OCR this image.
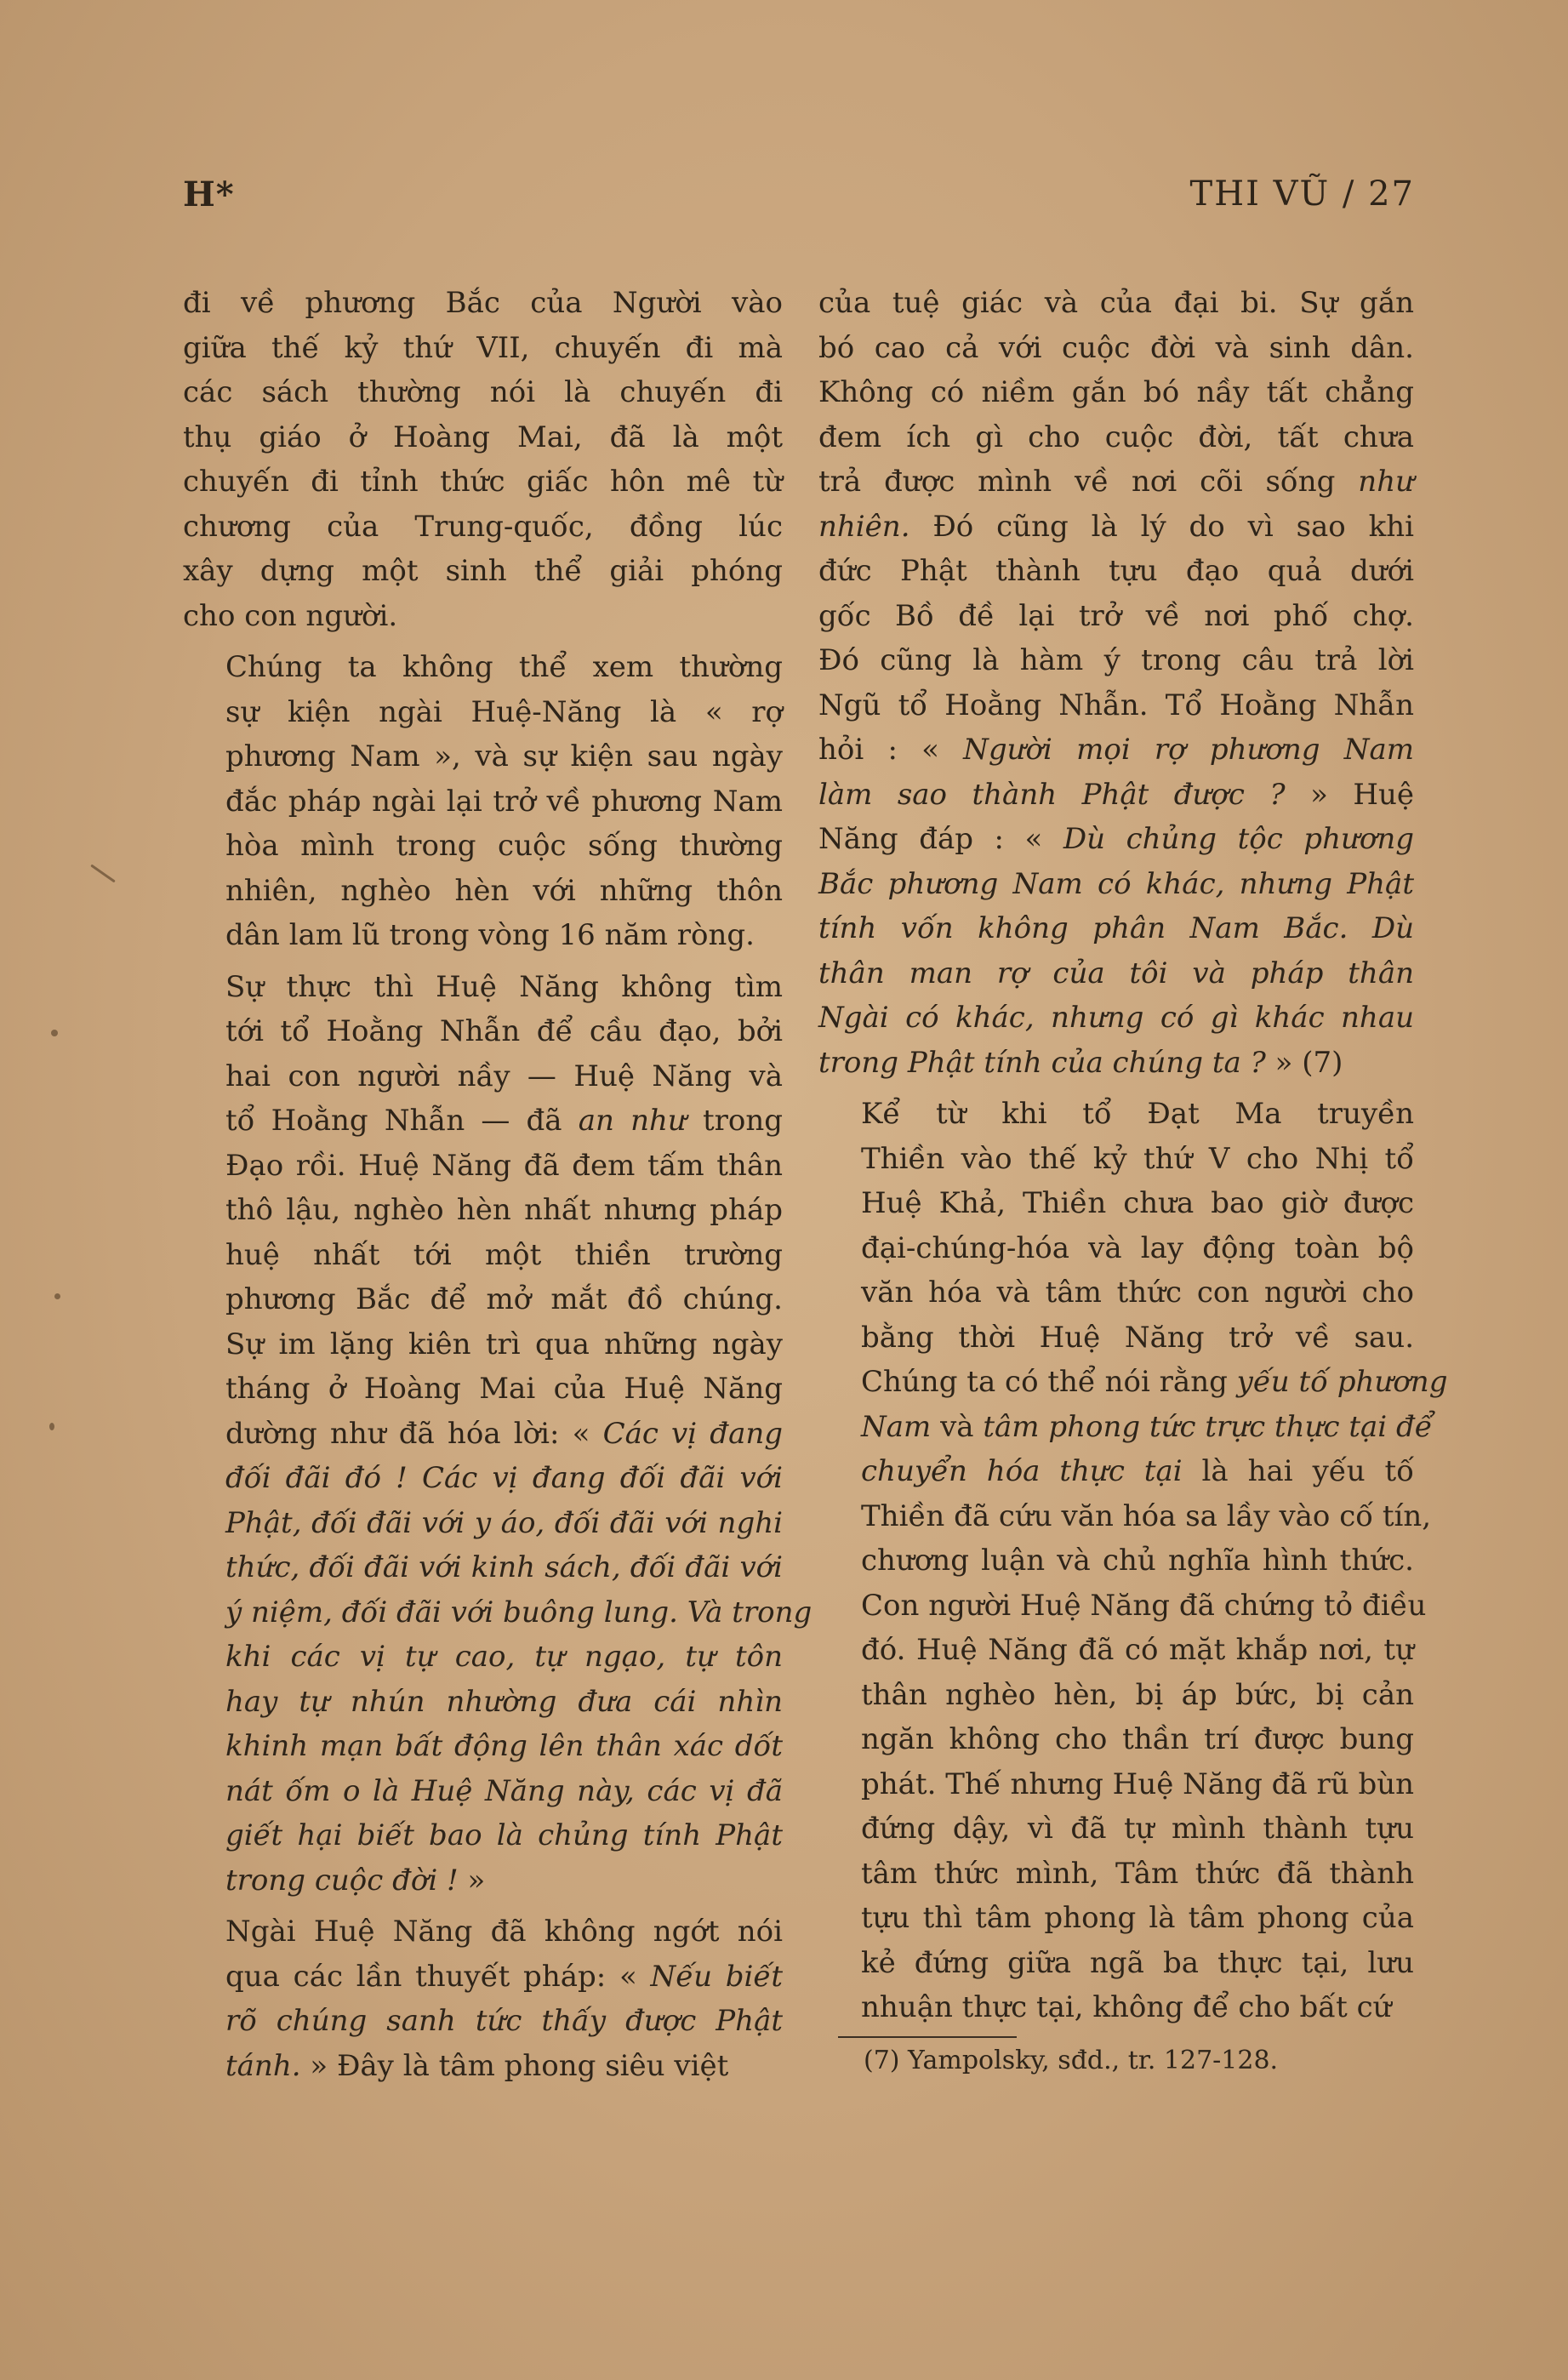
H*	THI VŨ / 27

đi về phương Bắc của Người vào
giữa thế kỷ thứ VII, chuyến đi mà
các sách thường nói là chuyến đi
thụ giáo ở Hoàng Mai, đã là một
chuyến đi tỉnh thức giấc hôn mê từ
chương của Trung-quốc, đồng lúc
xây dựng một sinh thể giải phóng
cho con người.

Chúng ta không thể xem thường
sự kiện ngài Huệ-Năng là « rợ
phương Nam », và sự kiện sau ngày
đắc pháp ngài lại trở về phương Nam
hòa mình trong cuộc sống thường
nhiên, nghèo hèn với những thôn
dân lam lũ trong vòng 16 năm ròng.

Sự thực thì Huệ Năng không tìm
tới tổ Hoằng Nhẫn để cầu đạo, bởi
hai con người nầy — Huệ Năng và
tổ Hoằng Nhẫn — đã an như trong
Đạo rồi. Huệ Năng đã đem tấm thân
thô lậu, nghèo hèn nhất nhưng pháp
huệ nhất tới một thiền trường
phương Bắc để mở mắt đồ chúng.
Sự im lặng kiên trì qua những ngày
tháng ở Hoàng Mai của Huệ Năng
dường như đã hóa lời: « Các vị đang
đối đãi đó ! Các vị đang đối đãi với
Phật, đối đãi với y áo, đối đãi với nghi
thức, đối đãi với kinh sách, đối đãi với
ý niệm, đối đãi với buông lung. Và trong
khi các vị tự cao, tự ngạo, tự tôn
hay tự nhún nhường đưa cái nhìn
khinh mạn bất động lên thân xác dốt
nát ốm o là Huệ Năng này, các vị đã
giết hại biết bao là chủng tính Phật
trong cuộc đời ! »

Ngài Huệ Năng đã không ngớt nói
qua các lần thuyết pháp: « Nếu biết
rõ chúng sanh tức thấy được Phật
tánh. » Đây là tâm phong siêu việt

của tuệ giác và của đại bi. Sự gắn
bó cao cả với cuộc đời và sinh dân.
Không có niềm gắn bó nầy tất chẳng
đem ích gì cho cuộc đời, tất chưa
trả được mình về nơi cõi sống như
nhiên. Đó cũng là lý do vì sao khi
đức Phật thành tựu đạo quả dưới
gốc Bồ đề lại trở về nơi phố chợ.
Đó cũng là hàm ý trong câu trả lời
Ngũ tổ Hoằng Nhẫn. Tổ Hoằng Nhẫn
hỏi : « Người mọi rợ phương Nam
làm sao thành Phật được ? » Huệ
Năng đáp : « Dù chủng tộc phương
Bắc phương Nam có khác, nhưng Phật
tính vốn không phân Nam Bắc. Dù
thân man rợ của tôi và pháp thân
Ngài có khác, nhưng có gì khác nhau
trong Phật tính của chúng ta ? » (7)

Kể từ khi tổ Đạt Ma truyền
Thiền vào thế kỷ thứ V cho Nhị tổ
Huệ Khả, Thiền chưa bao giờ được
đại-chúng-hóa và lay động toàn bộ
văn hóa và tâm thức con người cho
bằng thời Huệ Năng trở về sau.
Chúng ta có thể nói rằng yếu tố phương
Nam và tâm phong tức trực thực tại để
chuyển hóa thực tại là hai yếu tố
Thiền đã cứu văn hóa sa lầy vào cố tín,
chương luận và chủ nghĩa hình thức.
Con người Huệ Năng đã chứng tỏ điều
đó. Huệ Năng đã có mặt khắp nơi, tự
thân nghèo hèn, bị áp bức, bị cản
ngăn không cho thần trí được bung
phát. Thế nhưng Huệ Năng đã rũ bùn
đứng dậy, vì đã tự mình thành tựu
tâm thức mình, Tâm thức đã thành
tựu thì tâm phong là tâm phong của
kẻ đứng giữa ngã ba thực tại, lưu
nhuận thực tại, không để cho bất cứ

(7) Yampolsky, sđd., tr. 127-128.
